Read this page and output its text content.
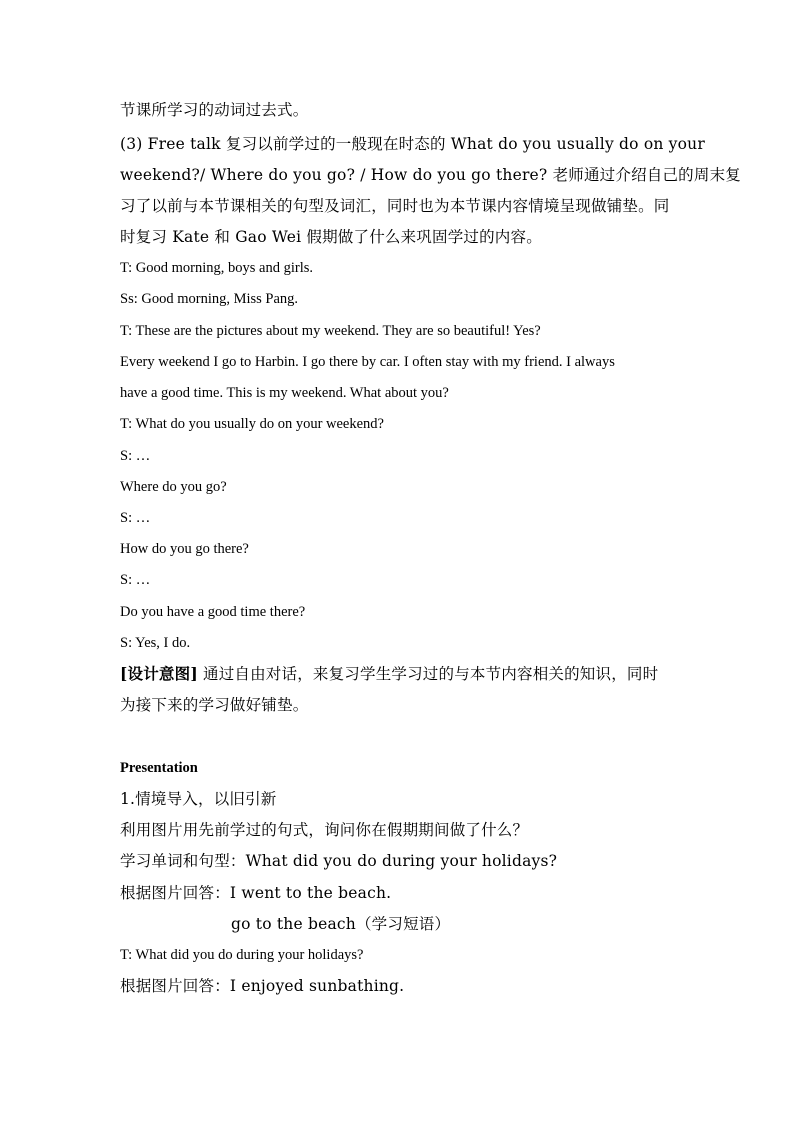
节课所学习的动词过去式。
(3) Free talk 复习以前学过的一般现在时态的 What do you usually do on your
weekend?/ Where do you go? / How do you go there? 老师通过介绍自己的周末复
习了以前与本节课相关的句型及词汇，同时也为本节课内容情境呈现做铺垫。同
时复习 Kate 和 Gao Wei 假期做了什么来巩固学过的内容。
T: Good morning, boys and girls.
Ss: Good morning, Miss Pang.
T: These are the pictures about my weekend. They are so beautiful! Yes?
Every weekend I go to Harbin. I go there by car. I often stay with my friend. I always
have a good time. This is my weekend. What about you?
T: What do you usually do on your weekend?
S: …
Where do you go?
S: …
How do you go there?
S: …
Do you have a good time there?
S: Yes, I do.
[设计意图] 通过自由对话，来复习学生学习过的与本节内容相关的知识，同时
为接下来的学习做好铺垫。
Presentation
1.情境导入，以旧引新
利用图片用先前学过的句式，询问你在假期期间做了什么？
学习单词和句型：What did you do during your holidays?
根据图片回答：I went to the beach.
go to the beach（学习短语）
T: What did you do during your holidays?
根据图片回答：I enjoyed sunbathing.
